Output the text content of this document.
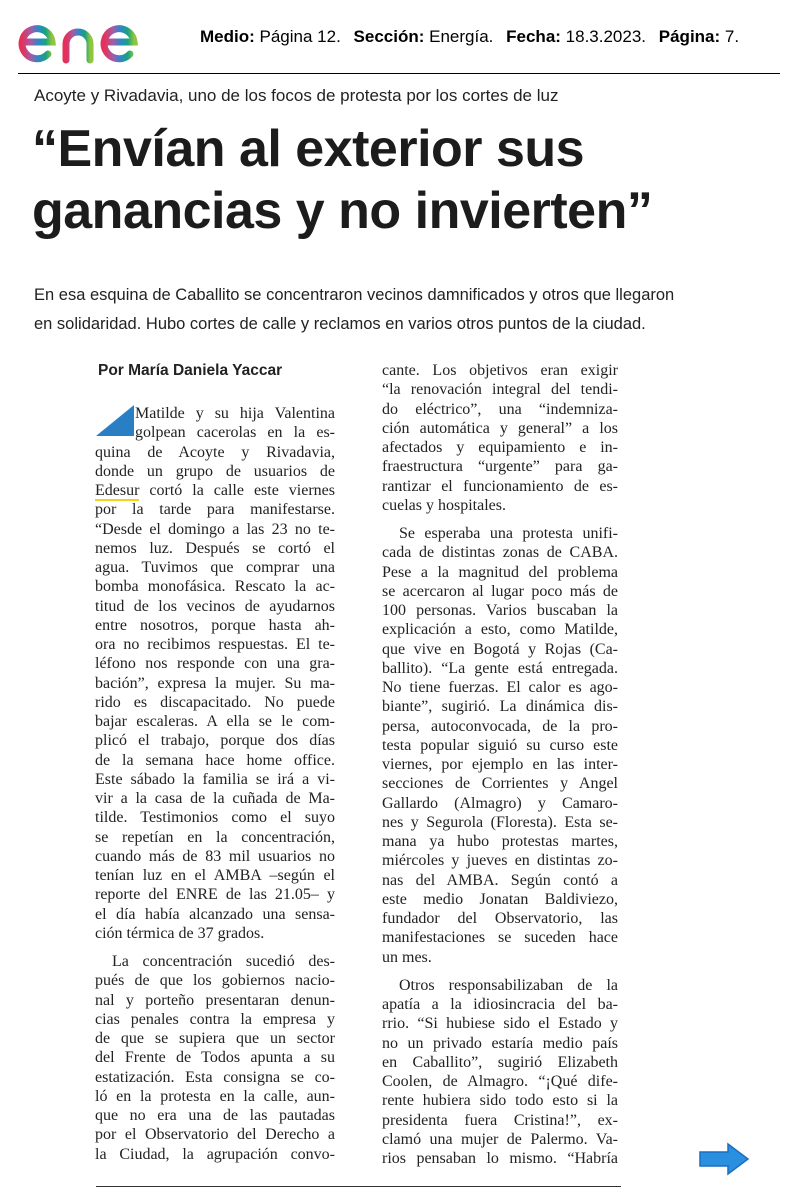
Medio: Página 12. Sección: Energía. Fecha: 18.3.2023. Página: 7.
Acoyte y Rivadavia, uno de los focos de protesta por los cortes de luz
“Envían al exterior sus
ganancias y no invierten”
En esa esquina de Caballito se concentraron vecinos damnificados y otros que llegaron
en solidaridad. Hubo cortes de calle y reclamos en varios otros puntos de la ciudad.
Por María Daniela Yaccar
Matilde y su hija Valentina
golpean cacerolas en la es-
quina de Acoyte y Rivadavia,
donde un grupo de usuarios de
Edesur cortó la calle este viernes
por la tarde para manifestarse.
“Desde el domingo a las 23 no te-
nemos luz. Después se cortó el
agua. Tuvimos que comprar una
bomba monofásica. Rescato la ac-
titud de los vecinos de ayudarnos
entre nosotros, porque hasta ah-
ora no recibimos respuestas. El te-
léfono nos responde con una gra-
bación”, expresa la mujer. Su ma-
rido es discapacitado. No puede
bajar escaleras. A ella se le com-
plicó el trabajo, porque dos días
de la semana hace home office.
Este sábado la familia se irá a vi-
vir a la casa de la cuñada de Ma-
tilde. Testimonios como el suyo
se repetían en la concentración,
cuando más de 83 mil usuarios no
tenían luz en el AMBA –según el
reporte del ENRE de las 21.05– y
el día había alcanzado una sensa-
ción térmica de 37 grados.
La concentración sucedió des-
pués de que los gobiernos nacio-
nal y porteño presentaran denun-
cias penales contra la empresa y
de que se supiera que un sector
del Frente de Todos apunta a su
estatización. Esta consigna se co-
ló en la protesta en la calle, aun-
que no era una de las pautadas
por el Observatorio del Derecho a
la Ciudad, la agrupación convo-
cante. Los objetivos eran exigir
“la renovación integral del tendi-
do eléctrico”, una “indemniza-
ción automática y general” a los
afectados y equipamiento e in-
fraestructura “urgente” para ga-
rantizar el funcionamiento de es-
cuelas y hospitales.
Se esperaba una protesta unifi-
cada de distintas zonas de CABA.
Pese a la magnitud del problema
se acercaron al lugar poco más de
100 personas. Varios buscaban la
explicación a esto, como Matilde,
que vive en Bogotá y Rojas (Ca-
ballito). “La gente está entregada.
No tiene fuerzas. El calor es ago-
biante”, sugirió. La dinámica dis-
persa, autoconvocada, de la pro-
testa popular siguió su curso este
viernes, por ejemplo en las inter-
secciones de Corrientes y Angel
Gallardo (Almagro) y Camaro-
nes y Segurola (Floresta). Esta se-
mana ya hubo protestas martes,
miércoles y jueves en distintas zo-
nas del AMBA. Según contó a
este medio Jonatan Baldiviezo,
fundador del Observatorio, las
manifestaciones se suceden hace
un mes.
Otros responsabilizaban de la
apatía a la idiosincracia del ba-
rrio. “Si hubiese sido el Estado y
no un privado estaría medio país
en Caballito”, sugirió Elizabeth
Coolen, de Almagro. “¡Qué dife-
rente hubiera sido todo esto si la
presidenta fuera Cristina!”, ex-
clamó una mujer de Palermo. Va-
rios pensaban lo mismo. “Habría
